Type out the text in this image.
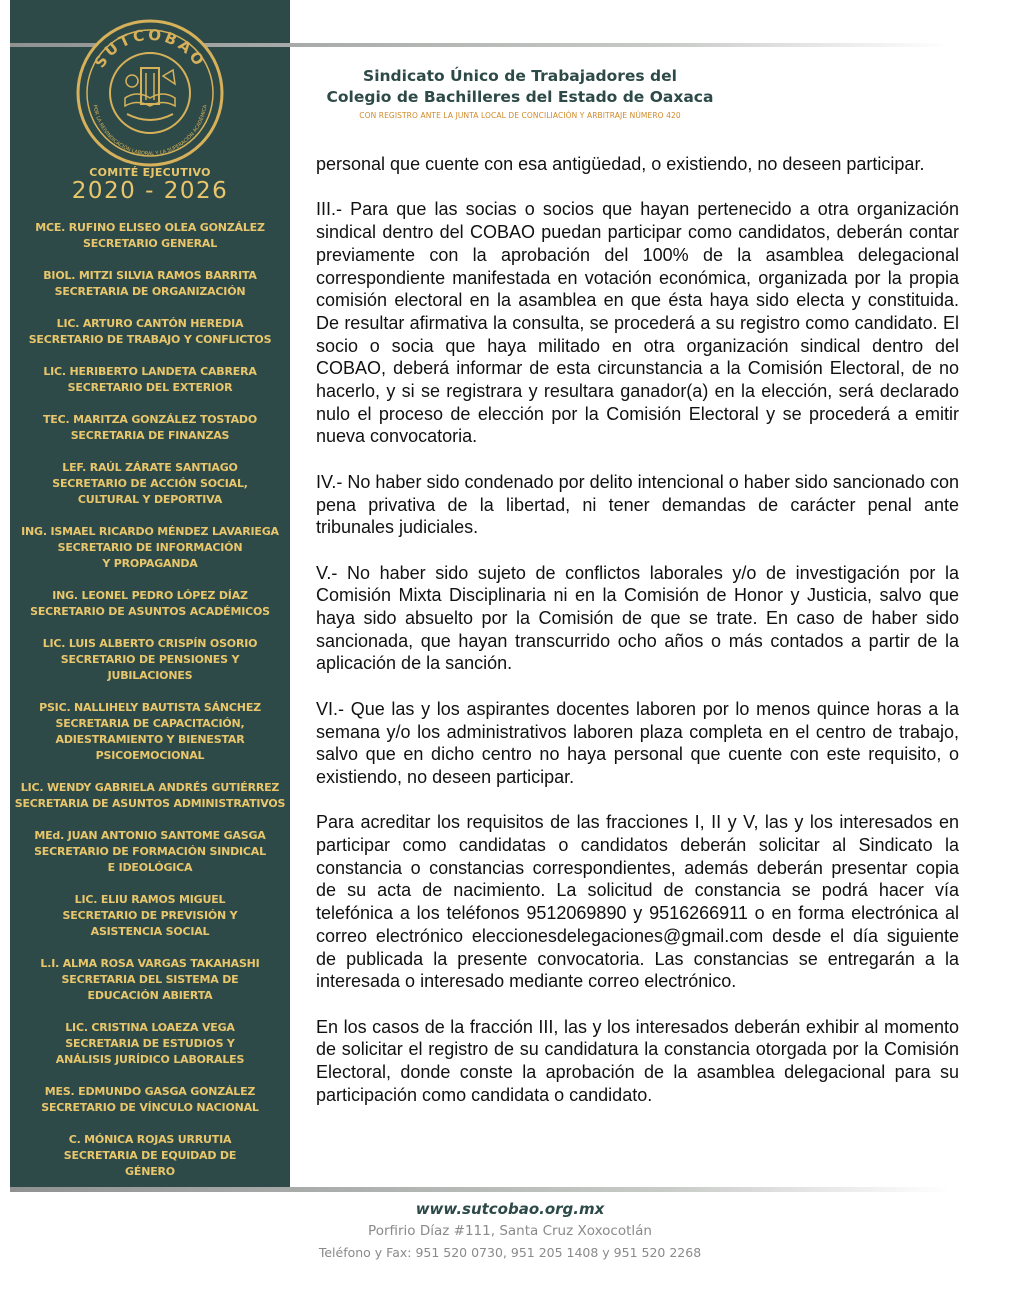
SUTCOBAO
POR LA REIVINDICACIÓN LABORAL Y LA SUPERACIÓN ACADÉMICA
COMITÉ EJECUTIVO
2020 - 2026
MCE. RUFINO ELISEO OLEA GONZÁLEZ
SECRETARIO GENERAL
BIOL. MITZI SILVIA RAMOS BARRITA
SECRETARIA DE ORGANIZACIÓN
LIC. ARTURO CANTÓN HEREDIA
SECRETARIO DE TRABAJO Y CONFLICTOS
LIC. HERIBERTO LANDETA CABRERA
SECRETARIO DEL EXTERIOR
TEC. MARITZA GONZÁLEZ TOSTADO
SECRETARIA DE FINANZAS
LEF. RAÚL ZÁRATE SANTIAGO
SECRETARIO DE ACCIÓN SOCIAL,
CULTURAL Y DEPORTIVA
ING. ISMAEL RICARDO MÉNDEZ LAVARIEGA
SECRETARIO DE INFORMACIÓN
Y PROPAGANDA
ING. LEONEL PEDRO LÓPEZ DÍAZ
SECRETARIO DE ASUNTOS ACADÉMICOS
LIC. LUIS ALBERTO CRISPÍN OSORIO
SECRETARIO DE PENSIONES Y
JUBILACIONES
PSIC. NALLIHELY BAUTISTA SÁNCHEZ
SECRETARIA DE CAPACITACIÓN,
ADIESTRAMIENTO Y BIENESTAR
PSICOEMOCIONAL
LIC. WENDY GABRIELA ANDRÉS GUTIÉRREZ
SECRETARIA DE ASUNTOS ADMINISTRATIVOS
MEd. JUAN ANTONIO SANTOME GASGA
SECRETARIO DE FORMACIÓN SINDICAL
E IDEOLÓGICA
LIC. ELIU RAMOS MIGUEL
SECRETARIO DE PREVISIÓN Y
ASISTENCIA SOCIAL
L.I. ALMA ROSA VARGAS TAKAHASHI
SECRETARIA DEL SISTEMA DE
EDUCACIÓN ABIERTA
LIC. CRISTINA LOAEZA VEGA
SECRETARIA DE ESTUDIOS Y
ANÁLISIS JURÍDICO LABORALES
MES. EDMUNDO GASGA GONZÁLEZ
SECRETARIO DE VÍNCULO NACIONAL
C. MÓNICA ROJAS URRUTIA
SECRETARIA DE EQUIDAD DE
GÉNERO
Sindicato Único de Trabajadores del
Colegio de Bachilleres del Estado de Oaxaca
CON REGISTRO ANTE LA JUNTA LOCAL DE CONCILIACIÓN Y ARBITRAJE NÚMERO 420

personal que cuente con esa antigüedad, o existiendo, no deseen participar.

III.- Para que las socias o socios que hayan pertenecido a otra organización sindical dentro del COBAO puedan participar como candidatos, deberán contar previamente con la aprobación del 100% de la asamblea delegacional correspondiente manifestada en votación económica, organizada por la propia comisión electoral en la asamblea en que ésta haya sido electa y constituida. De resultar afirmativa la consulta, se procederá a su registro como candidato. El socio o socia que haya militado en otra organización sindical dentro del COBAO, deberá informar de esta circunstancia a la Comisión Electoral, de no hacerlo, y si se registrara y resultara ganador(a) en la elección, será declarado nulo el proceso de elección por la Comisión Electoral y se procederá a emitir nueva convocatoria.

IV.- No haber sido condenado por delito intencional o haber sido sancionado con pena privativa de la libertad, ni tener demandas de carácter penal ante tribunales judiciales.

V.- No haber sido sujeto de conflictos laborales y/o de investigación por la Comisión Mixta Disciplinaria ni en la Comisión de Honor y Justicia, salvo que haya sido absuelto por la Comisión de que se trate. En caso de haber sido sancionada, que hayan transcurrido ocho años o más contados a partir de la aplicación de la sanción.

VI.- Que las y los aspirantes docentes laboren por lo menos quince horas a la semana y/o los administrativos laboren plaza completa en el centro de trabajo, salvo que en dicho centro no haya personal que cuente con este requisito, o existiendo, no deseen participar.

Para acreditar los requisitos de las fracciones I, II y V, las y los interesados en participar como candidatas o candidatos deberán solicitar al Sindicato la constancia o constancias correspondientes, además deberán presentar copia de su acta de nacimiento. La solicitud de constancia se podrá hacer vía telefónica a los teléfonos 9512069890 y 9516266911 o en forma electrónica al correo electrónico eleccionesdelegaciones@gmail.com desde el día siguiente de publicada la presente convocatoria. Las constancias se entregarán a la interesada o interesado mediante correo electrónico.

En los casos de la fracción III, las y los interesados deberán exhibir al momento de solicitar el registro de su candidatura la constancia otorgada por la Comisión Electoral, donde conste la aprobación de la asamblea delegacional para su participación como candidata o candidato.

www.sutcobao.org.mx
Porfirio Díaz #111, Santa Cruz Xoxocotlán
Teléfono y Fax: 951 520 0730, 951 205 1408 y 951 520 2268
